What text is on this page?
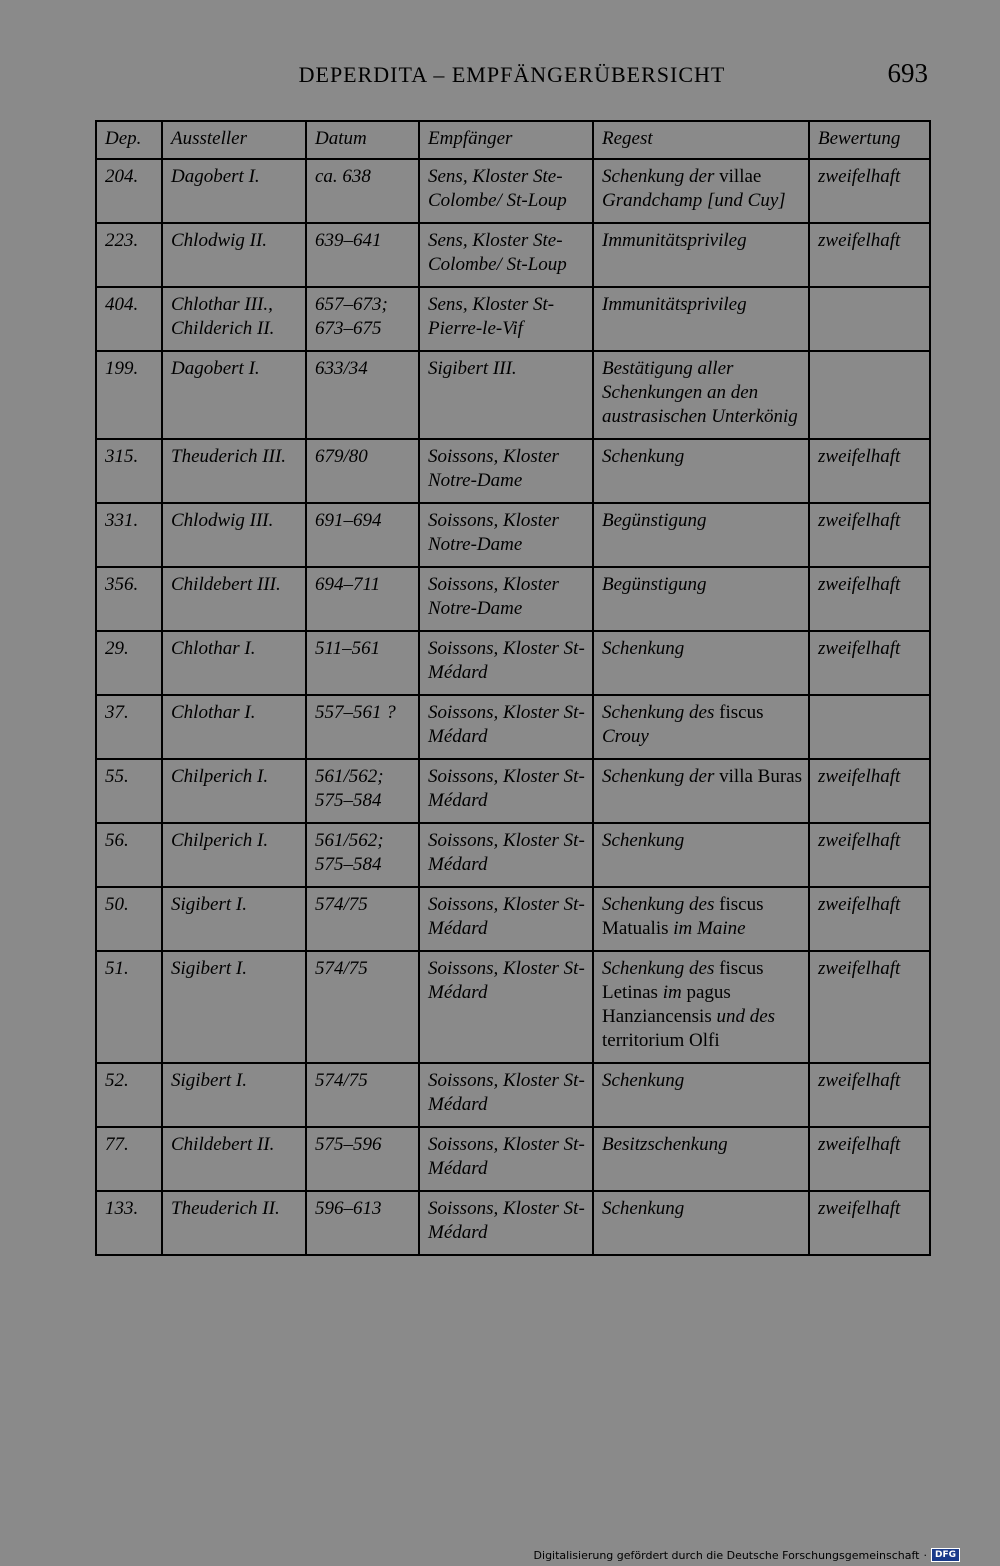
DEPERDITA – EMPFÄNGERÜBERSICHT	693
Dep.	Aussteller	Datum	Empfänger	Regest	Bewertung
204.	Dagobert I.	ca. 638	Sens, Kloster Ste-Colombe/ St-Loup	Schenkung der villae Grandchamp [und Cuy]	zweifelhaft
223.	Chlodwig II.	639–641	Sens, Kloster Ste-Colombe/ St-Loup	Immunitätsprivileg	zweifelhaft
404.	Chlothar III., Childerich II.	657–673; 673–675	Sens, Kloster St-Pierre-le-Vif	Immunitätsprivileg	
199.	Dagobert I.	633/34	Sigibert III.	Bestätigung aller Schenkungen an den austrasischen Unterkönig	
315.	Theuderich III.	679/80	Soissons, Kloster Notre-Dame	Schenkung	zweifelhaft
331.	Chlodwig III.	691–694	Soissons, Kloster Notre-Dame	Begünstigung	zweifelhaft
356.	Childebert III.	694–711	Soissons, Kloster Notre-Dame	Begünstigung	zweifelhaft
29.	Chlothar I.	511–561	Soissons, Kloster St-Médard	Schenkung	zweifelhaft
37.	Chlothar I.	557–561 ?	Soissons, Kloster St-Médard	Schenkung des fiscus Crouy	
55.	Chilperich I.	561/562; 575–584	Soissons, Kloster St-Médard	Schenkung der villa Buras	zweifelhaft
56.	Chilperich I.	561/562; 575–584	Soissons, Kloster St-Médard	Schenkung	zweifelhaft
50.	Sigibert I.	574/75	Soissons, Kloster St-Médard	Schenkung des fiscus Matualis im Maine	zweifelhaft
51.	Sigibert I.	574/75	Soissons, Kloster St-Médard	Schenkung des fiscus Letinas im pagus Hanziancensis und des territorium Olfi	zweifelhaft
52.	Sigibert I.	574/75	Soissons, Kloster St-Médard	Schenkung	zweifelhaft
77.	Childebert II.	575–596	Soissons, Kloster St-Médard	Besitzschenkung	zweifelhaft
133.	Theuderich II.	596–613	Soissons, Kloster St-Médard	Schenkung	zweifelhaft
Digitalisierung gefördert durch die Deutsche Forschungsgemeinschaft · DFG
